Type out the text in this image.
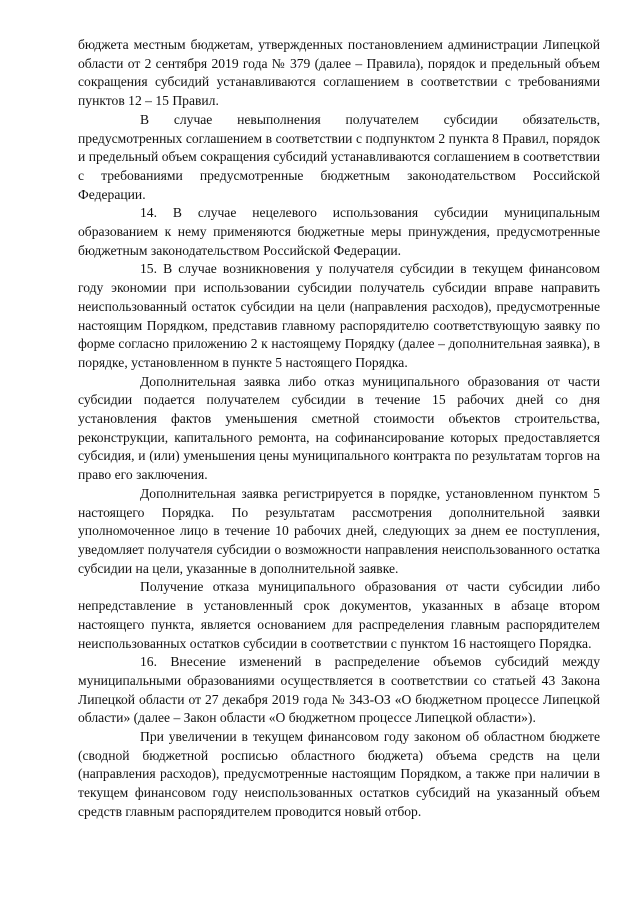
бюджета местным бюджетам, утвержденных постановлением администрации Липецкой области от 2 сентября 2019 года № 379 (далее – Правила), порядок и предельный объем сокращения субсидий устанавливаются соглашением в соответствии с требованиями пунктов 12 – 15 Правил.

В случае невыполнения получателем субсидии обязательств, предусмотренных соглашением в соответствии с подпунктом 2 пункта 8 Правил, порядок и предельный объем сокращения субсидий устанавливаются соглашением в соответствии с требованиями предусмотренные бюджетным законодательством Российской Федерации.

14. В случае нецелевого использования субсидии муниципальным образованием к нему применяются бюджетные меры принуждения, предусмотренные бюджетным законодательством Российской Федерации.

15. В случае возникновения у получателя субсидии в текущем финансовом году экономии при использовании субсидии получатель субсидии вправе направить неиспользованный остаток субсидии на цели (направления расходов), предусмотренные настоящим Порядком, представив главному распорядителю соответствующую заявку по форме согласно приложению 2 к настоящему Порядку (далее – дополнительная заявка), в порядке, установленном в пункте 5 настоящего Порядка.

Дополнительная заявка либо отказ муниципального образования от части субсидии подается получателем субсидии в течение 15 рабочих дней со дня установления фактов уменьшения сметной стоимости объектов строительства, реконструкции, капитального ремонта, на софинансирование которых предоставляется субсидия, и (или) уменьшения цены муниципального контракта по результатам торгов на право его заключения.

Дополнительная заявка регистрируется в порядке, установленном пунктом 5 настоящего Порядка. По результатам рассмотрения дополнительной заявки уполномоченное лицо в течение 10 рабочих дней, следующих за днем ее поступления, уведомляет получателя субсидии о возможности направления неиспользованного остатка субсидии на цели, указанные в дополнительной заявке.

Получение отказа муниципального образования от части субсидии либо непредставление в установленный срок документов, указанных в абзаце втором настоящего пункта, является основанием для распределения главным распорядителем неиспользованных остатков субсидии в соответствии с пунктом 16 настоящего Порядка.

16. Внесение изменений в распределение объемов субсидий между муниципальными образованиями осуществляется в соответствии со статьей 43 Закона Липецкой области от 27 декабря 2019 года № 343-ОЗ «О бюджетном процессе Липецкой области» (далее – Закон области «О бюджетном процессе Липецкой области»).

При увеличении в текущем финансовом году законом об областном бюджете (сводной бюджетной росписью областного бюджета) объема средств на цели (направления расходов), предусмотренные настоящим Порядком, а также при наличии в текущем финансовом году неиспользованных остатков субсидий на указанный объем средств главным распорядителем проводится новый отбор.
